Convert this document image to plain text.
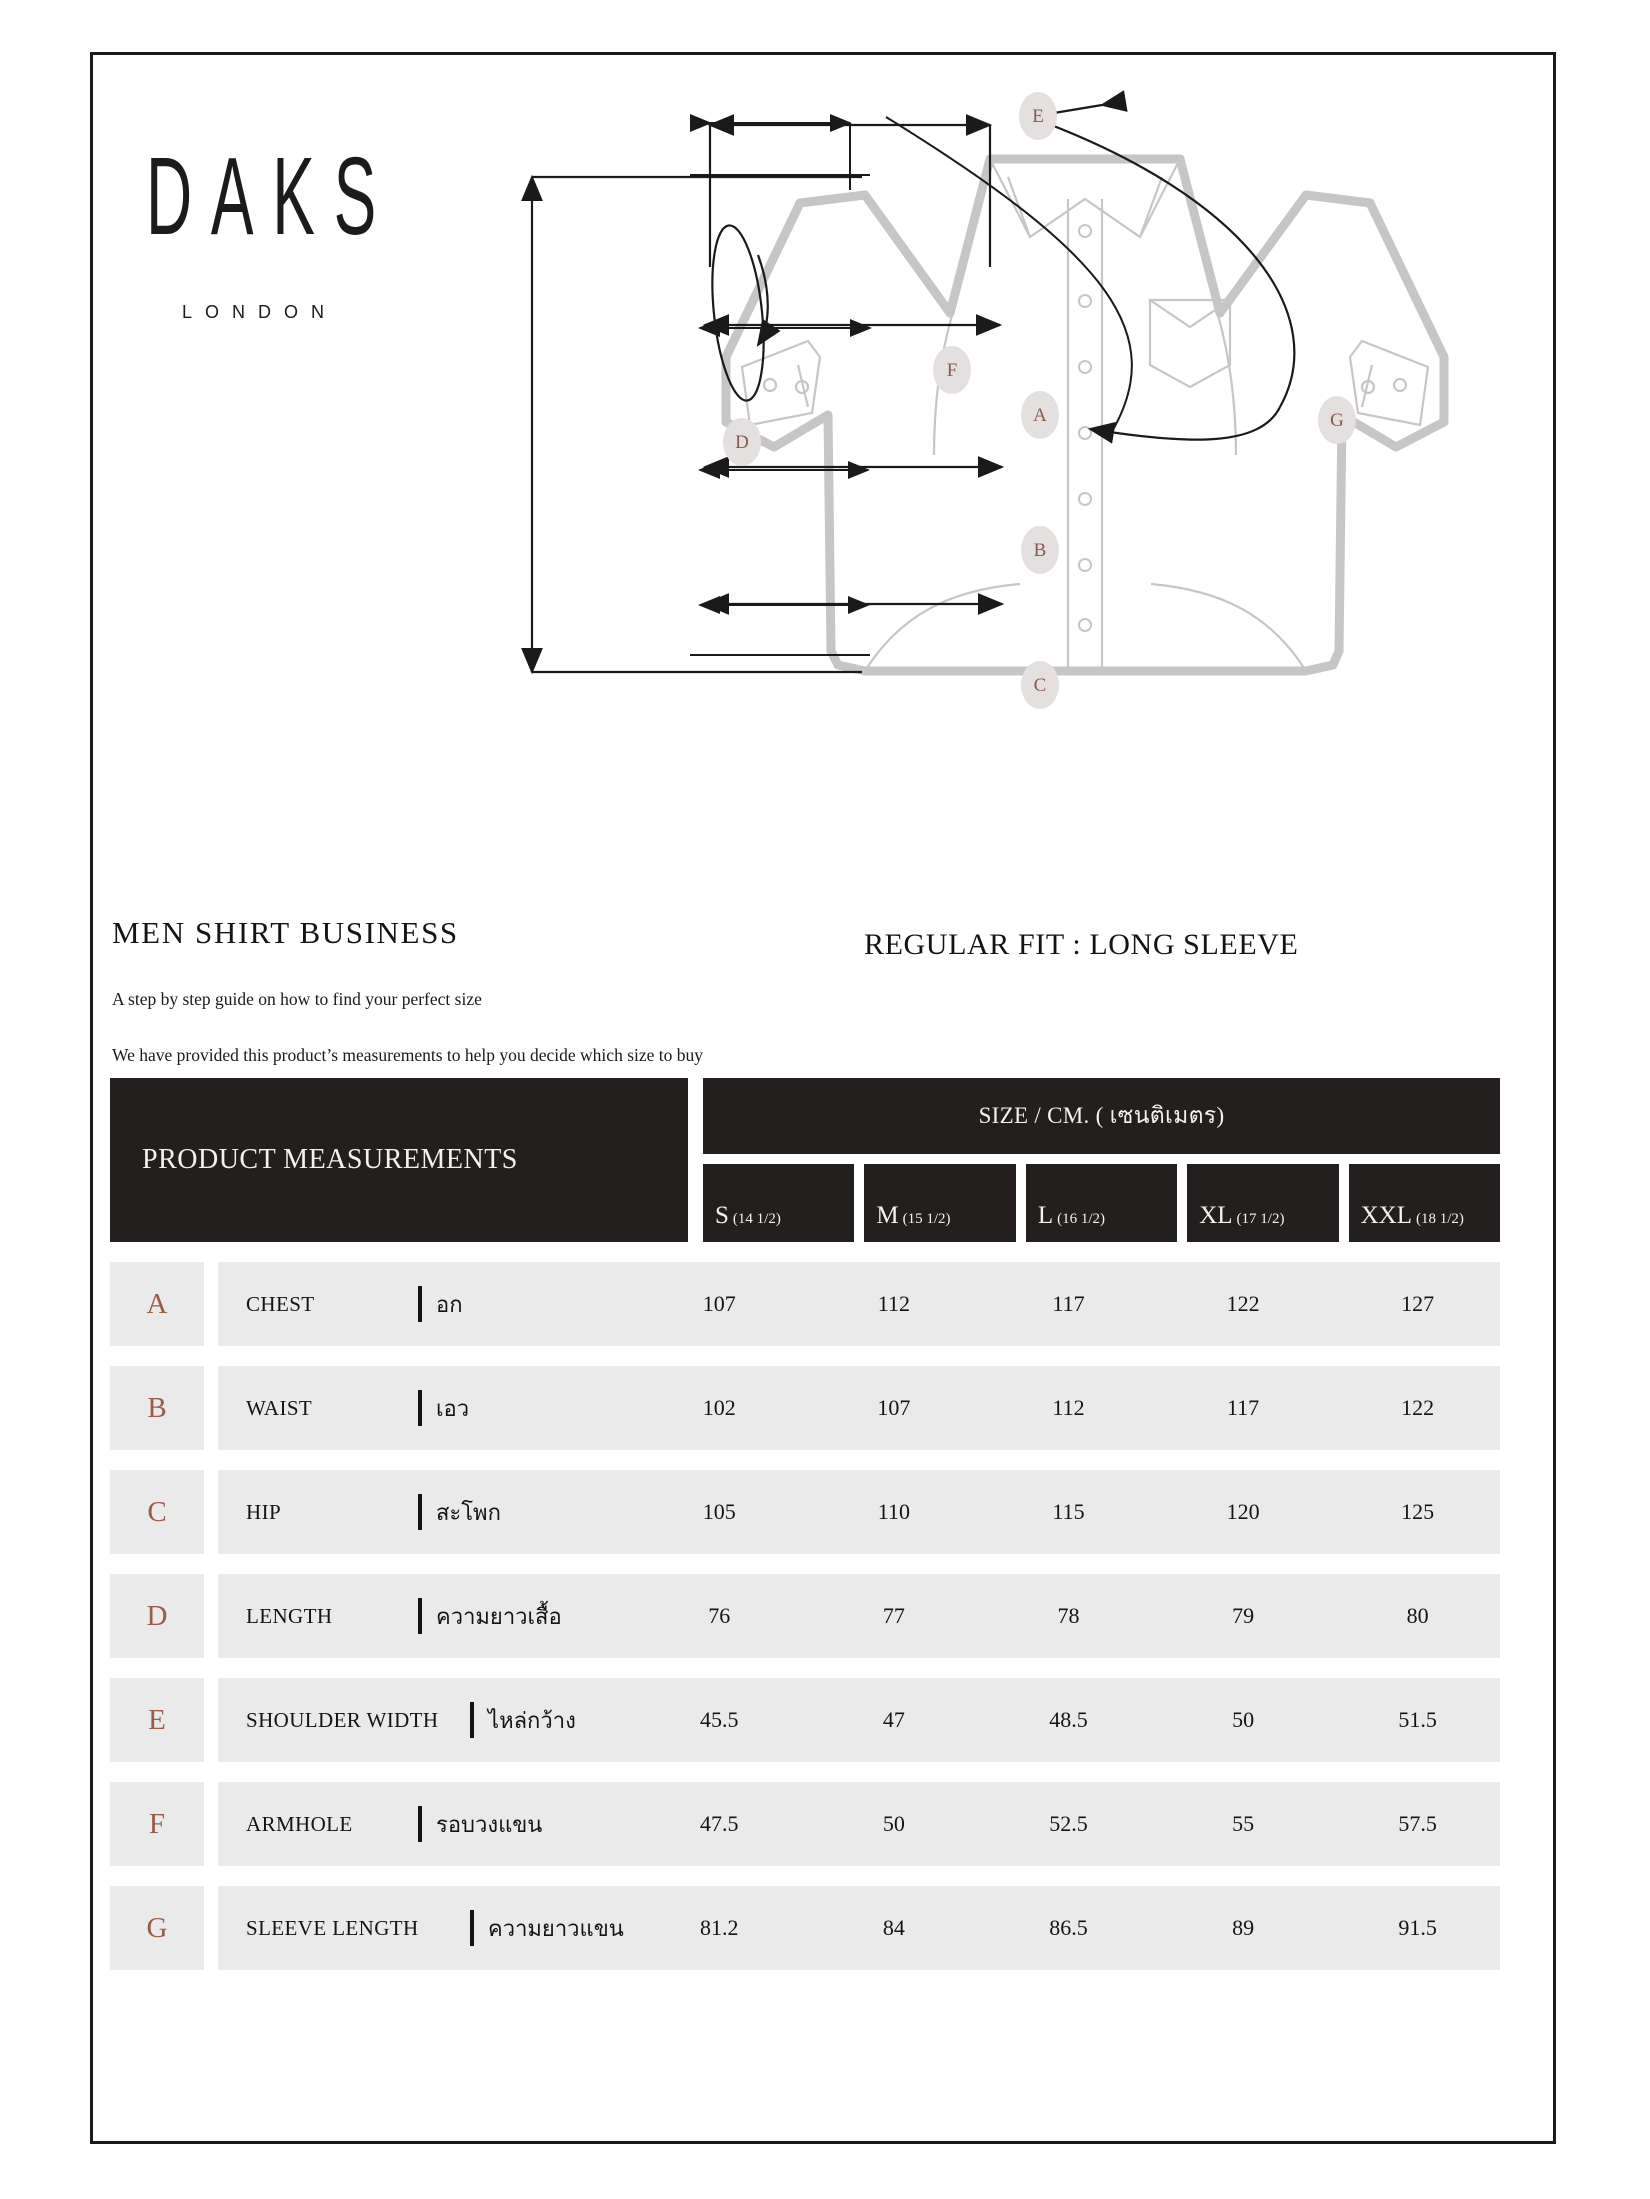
DAKS
LONDON
D
F
A
B
C
E
G
MEN SHIRT BUSINESS
A step by step guide on how to find your perfect size
We have provided this product’s measurements to help you decide which size to buy
REGULAR FIT : LONG SLEEVE
PRODUCT MEASUREMENTS
SIZE / CM. ( เซนติเมตร)
S (14 1/2)	M (15 1/2)	L (16 1/2)	XL (17 1/2)	XXL (18 1/2)
A	CHEST	อก	107	112	117	122	127
B	WAIST	เอว	102	107	112	117	122
C	HIP	สะโพก	105	110	115	120	125
D	LENGTH	ความยาวเสื้อ	76	77	78	79	80
E	SHOULDER WIDTH ไหล่กว้าง	45.5	47	48.5	50	51.5
F	ARMHOLE	รอบวงแขน	47.5	50	52.5	55	57.5
G	SLEEVE LENGTH	ความยาวแขน	81.2	84	86.5	89	91.5
